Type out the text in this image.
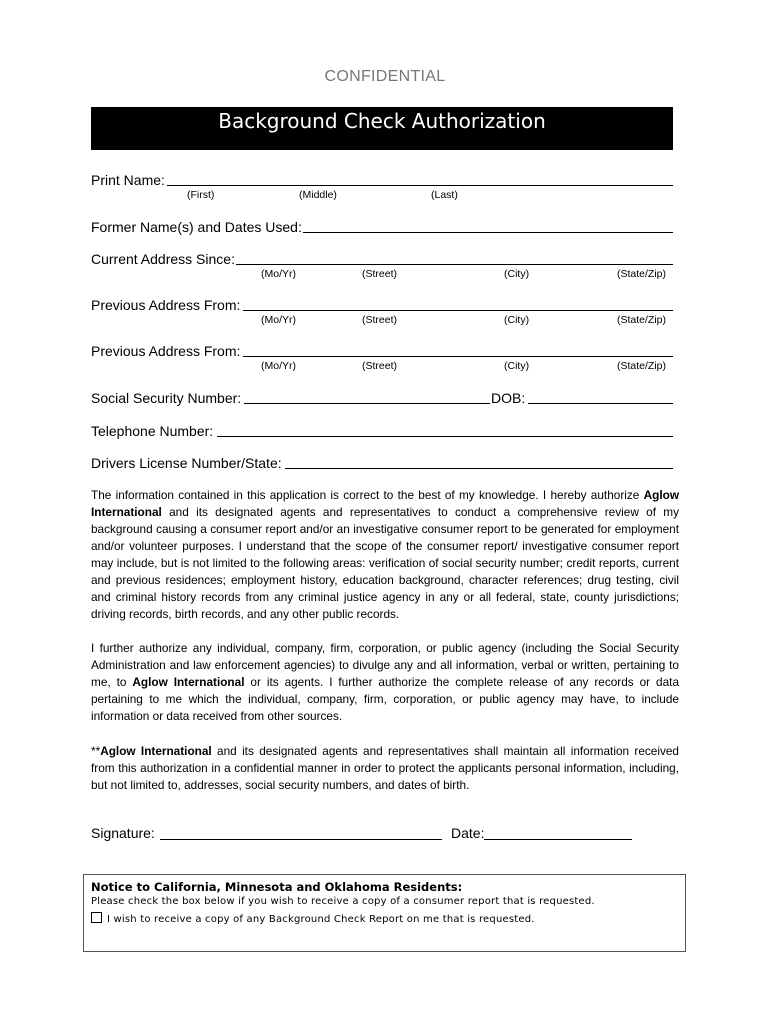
CONFIDENTIAL
Background Check Authorization
Print Name:
(First)	(Middle)	(Last)
Former Name(s) and Dates Used:
Current Address Since:
(Mo/Yr)	(Street)	(City)	(State/Zip)
Previous Address From:
(Mo/Yr)	(Street)	(City)	(State/Zip)
Previous Address From:
(Mo/Yr)	(Street)	(City)	(State/Zip)
Social Security Number:	DOB:
Telephone Number:
Drivers License Number/State:
The information contained in this application is correct to the best of my knowledge. I hereby authorize Aglow International and its designated agents and representatives to conduct a comprehensive review of my background causing a consumer report and/or an investigative consumer report to be generated for employment and/or volunteer purposes. I understand that the scope of the consumer report/ investigative consumer report may include, but is not limited to the following areas: verification of social security number; credit reports, current and previous residences; employment history, education background, character references; drug testing, civil and criminal history records from any criminal justice agency in any or all federal, state, county jurisdictions; driving records, birth records, and any other public records.
I further authorize any individual, company, firm, corporation, or public agency (including the Social Security Administration and law enforcement agencies) to divulge any and all information, verbal or written, pertaining to me, to Aglow International or its agents. I further authorize the complete release of any records or data pertaining to me which the individual, company, firm, corporation, or public agency may have, to include information or data received from other sources.
**Aglow International and its designated agents and representatives shall maintain all information received from this authorization in a confidential manner in order to protect the applicants personal information, including, but not limited to, addresses, social security numbers, and dates of birth.
Signature:	Date:
Notice to California, Minnesota and Oklahoma Residents:
Please check the box below if you wish to receive a copy of a consumer report that is requested.
I wish to receive a copy of any Background Check Report on me that is requested.
